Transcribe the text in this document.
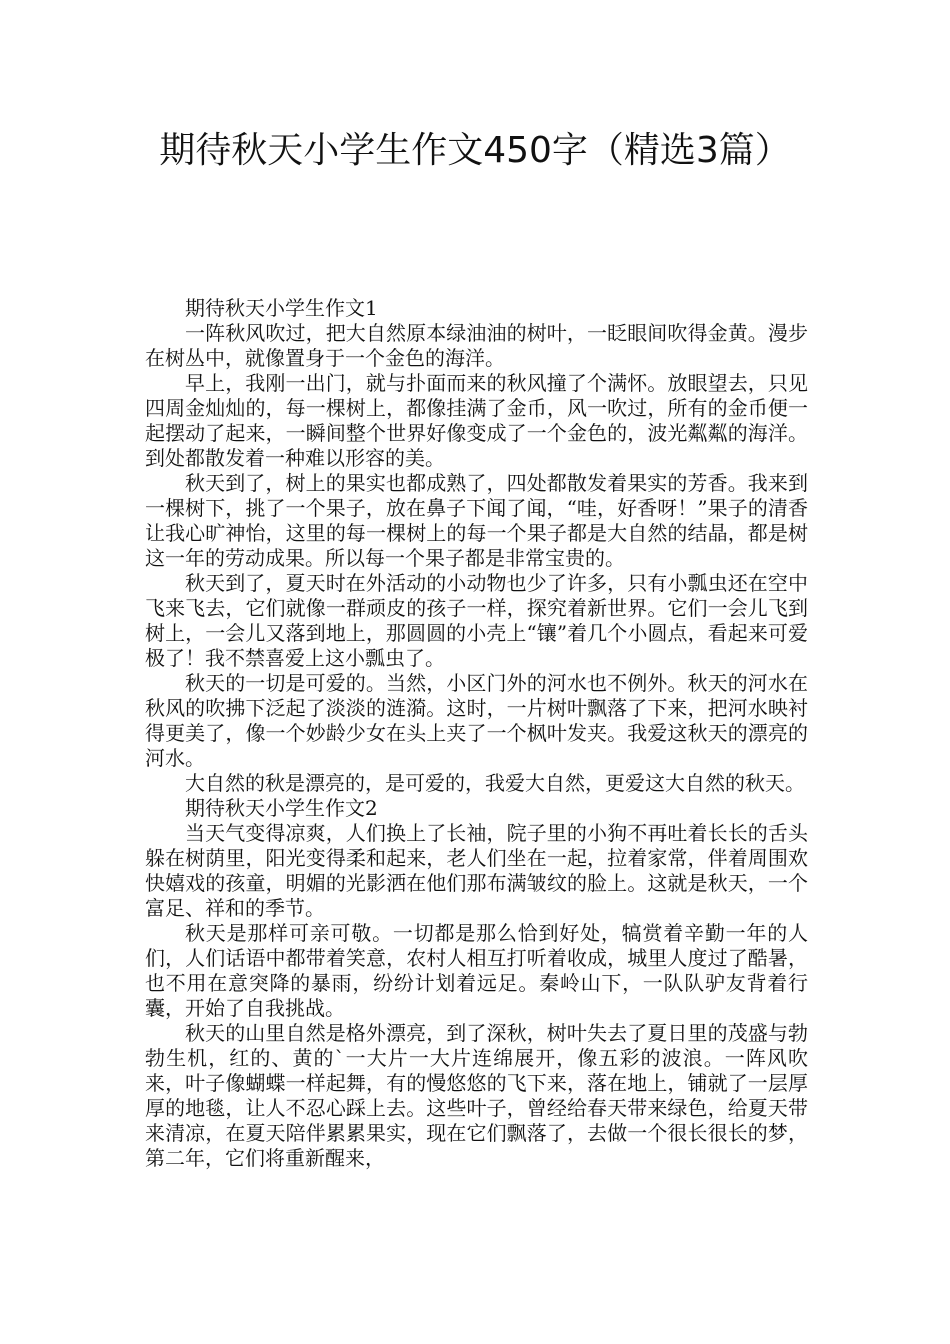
期待秋天小学生作文450字（精选3篇）

期待秋天小学生作文1

一阵秋风吹过，把大自然原本绿油油的树叶，一眨眼间吹得金黄。漫步在树丛中，就像置身于一个金色的海洋。

早上，我刚一出门，就与扑面而来的秋风撞了个满怀。放眼望去，只见四周金灿灿的，每一棵树上，都像挂满了金币，风一吹过，所有的金币便一起摆动了起来，一瞬间整个世界好像变成了一个金色的，波光粼粼的海洋。到处都散发着一种难以形容的美。

秋天到了，树上的果实也都成熟了，四处都散发着果实的芳香。我来到一棵树下，挑了一个果子，放在鼻子下闻了闻，“哇，好香呀！”果子的清香让我心旷神怡，这里的每一棵树上的每一个果子都是大自然的结晶，都是树这一年的劳动成果。所以每一个果子都是非常宝贵的。

秋天到了，夏天时在外活动的小动物也少了许多，只有小瓢虫还在空中飞来飞去，它们就像一群顽皮的孩子一样，探究着新世界。它们一会儿飞到树上，一会儿又落到地上，那圆圆的小壳上“镶”着几个小圆点，看起来可爱极了！我不禁喜爱上这小瓢虫了。

秋天的一切是可爱的。当然，小区门外的河水也不例外。秋天的河水在秋风的吹拂下泛起了淡淡的涟漪。这时，一片树叶飘落了下来，把河水映衬得更美了，像一个妙龄少女在头上夹了一个枫叶发夹。我爱这秋天的漂亮的河水。

大自然的秋是漂亮的，是可爱的，我爱大自然，更爱这大自然的秋天。

期待秋天小学生作文2

当天气变得凉爽，人们换上了长袖，院子里的小狗不再吐着长长的舌头躲在树荫里，阳光变得柔和起来，老人们坐在一起，拉着家常，伴着周围欢快嬉戏的孩童，明媚的光影洒在他们那布满皱纹的脸上。这就是秋天，一个富足、祥和的季节。

秋天是那样可亲可敬。一切都是那么恰到好处，犒赏着辛勤一年的人们，人们话语中都带着笑意，农村人相互打听着收成，城里人度过了酷暑，也不用在意突降的暴雨，纷纷计划着远足。秦岭山下，一队队驴友背着行囊，开始了自我挑战。

秋天的山里自然是格外漂亮，到了深秋，树叶失去了夏日里的茂盛与勃勃生机，红的、黄的`一大片一大片连绵展开，像五彩的波浪。一阵风吹来，叶子像蝴蝶一样起舞，有的慢悠悠的飞下来，落在地上，铺就了一层厚厚的地毯，让人不忍心踩上去。这些叶子，曾经给春天带来绿色，给夏天带来清凉，在夏天陪伴累累果实，现在它们飘落了，去做一个很长很长的梦，第二年，它们将重新醒来，
